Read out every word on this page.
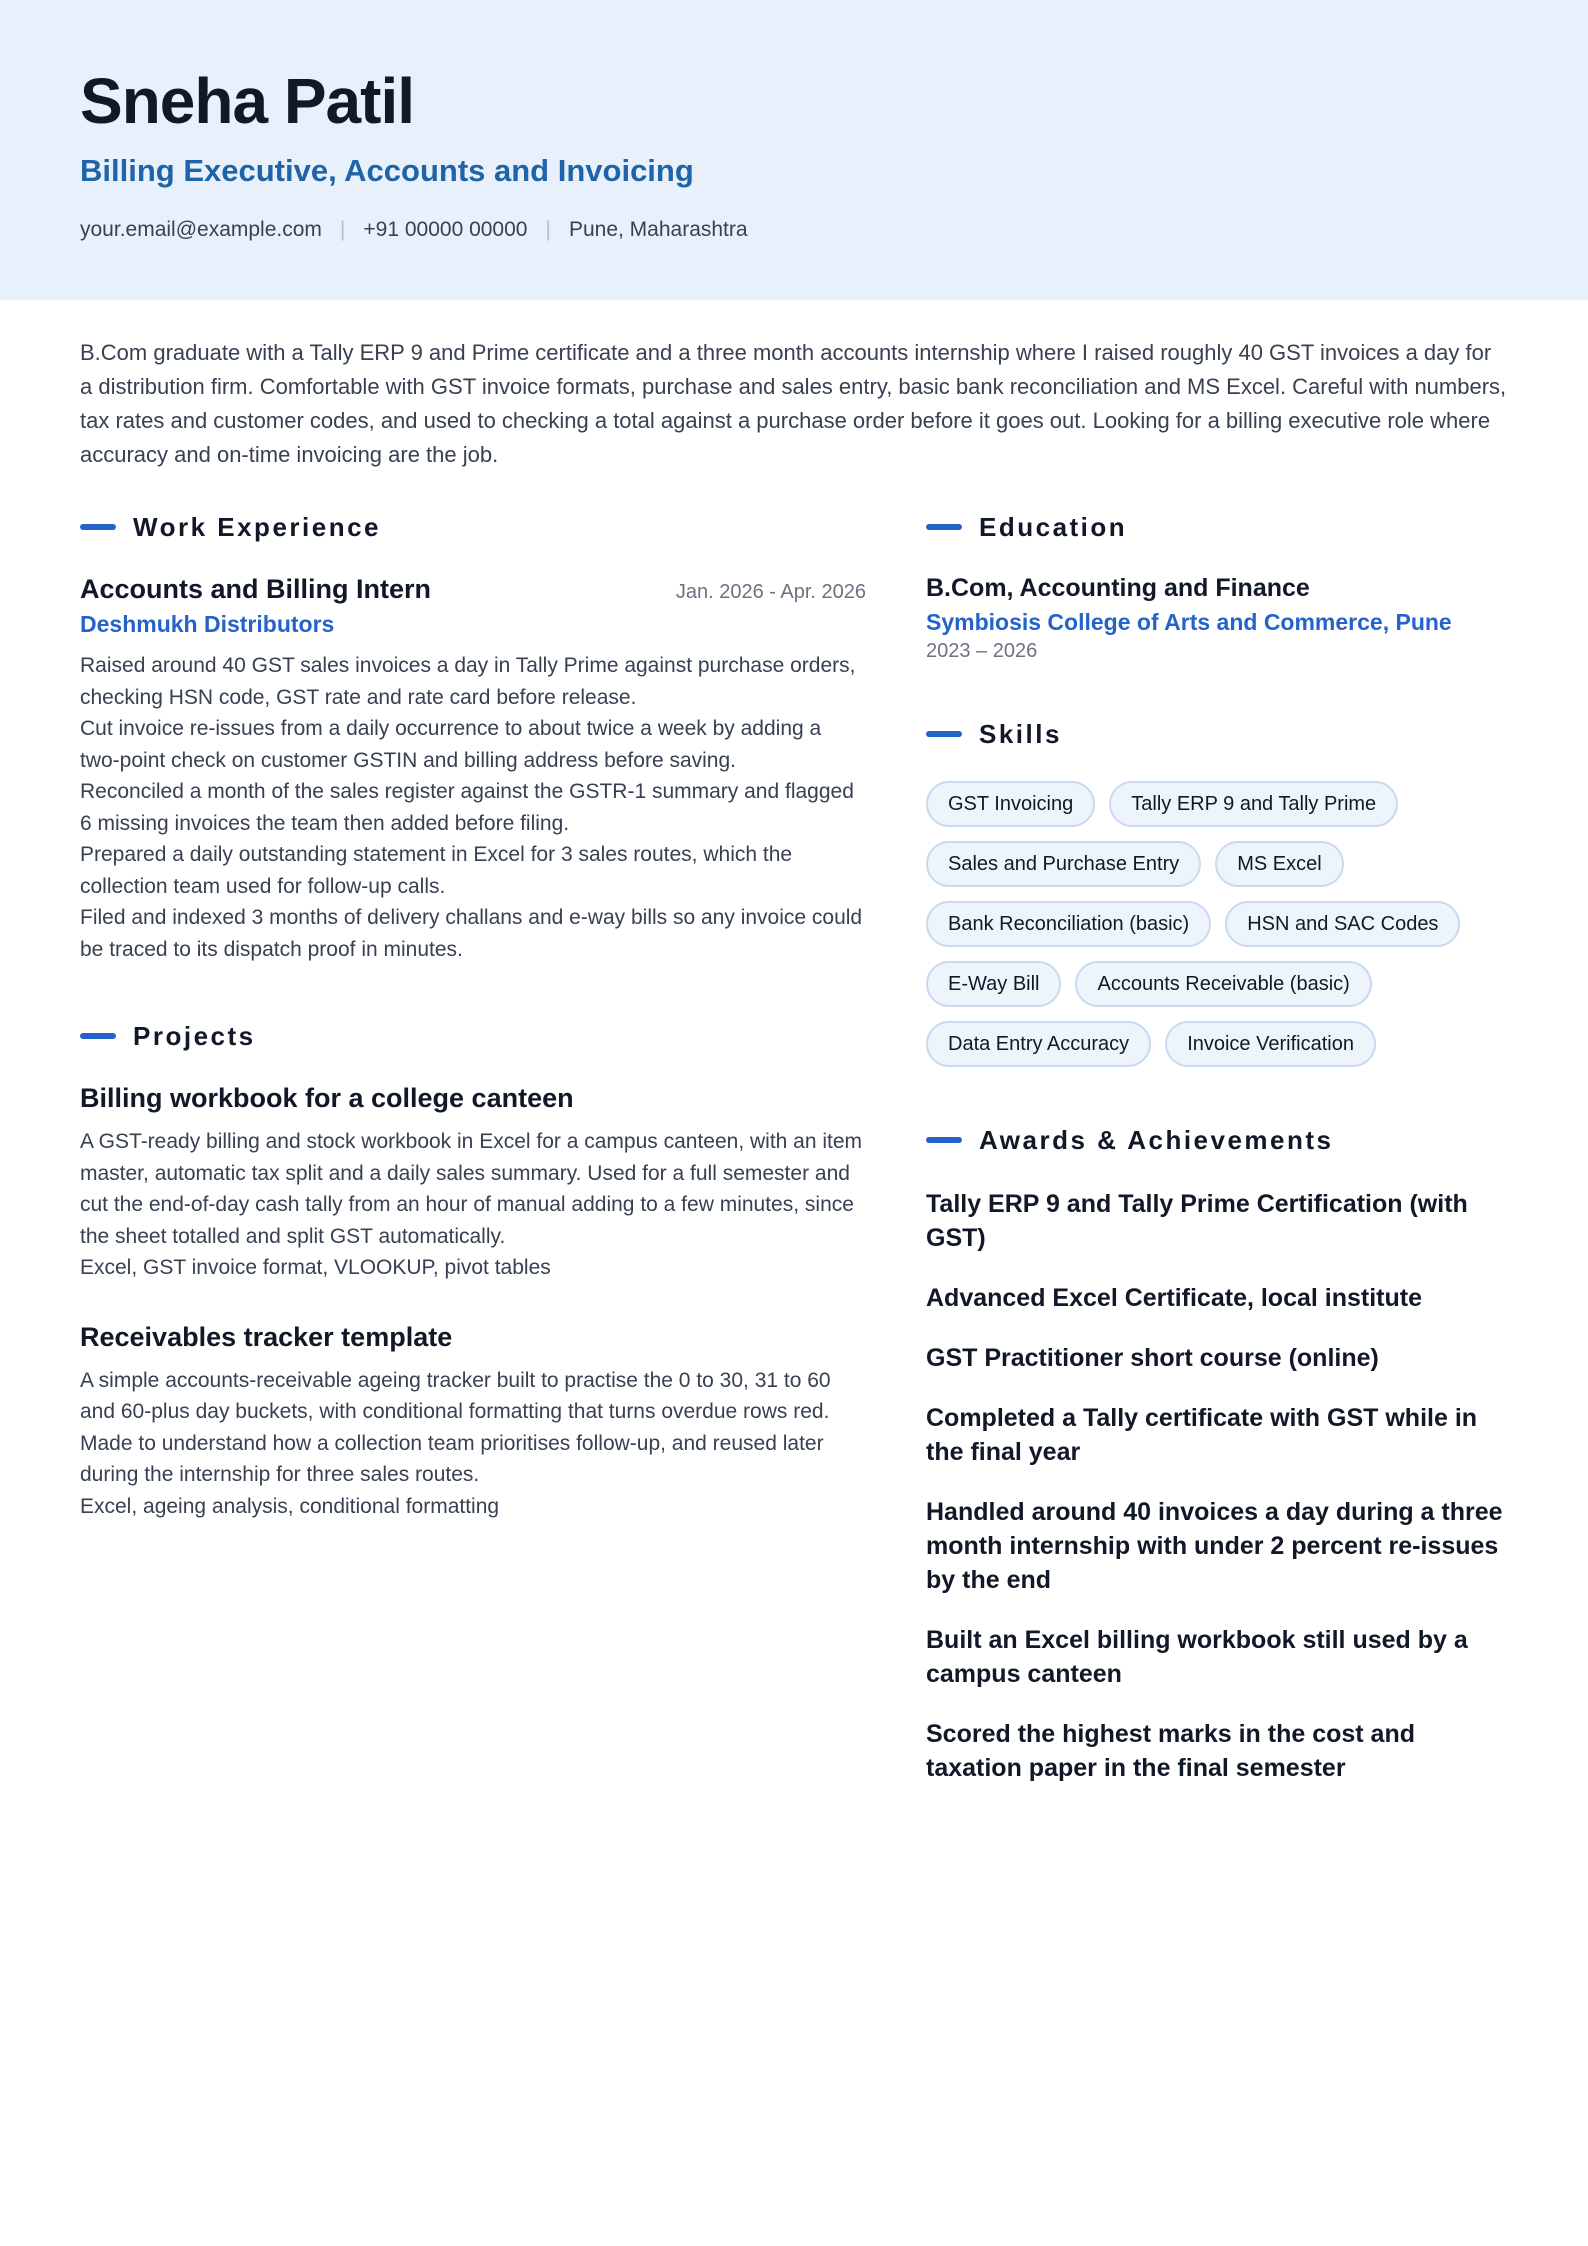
Sneha Patil
Billing Executive, Accounts and Invoicing
your.email@example.com | +91 00000 00000 | Pune, Maharashtra
B.Com graduate with a Tally ERP 9 and Prime certificate and a three month accounts internship where I raised roughly 40 GST invoices a day for a distribution firm. Comfortable with GST invoice formats, purchase and sales entry, basic bank reconciliation and MS Excel. Careful with numbers, tax rates and customer codes, and used to checking a total against a purchase order before it goes out. Looking for a billing executive role where accuracy and on-time invoicing are the job.
Work Experience
Accounts and Billing Intern	Jan. 2026 - Apr. 2026
Deshmukh Distributors
Raised around 40 GST sales invoices a day in Tally Prime against purchase orders, checking HSN code, GST rate and rate card before release.
Cut invoice re-issues from a daily occurrence to about twice a week by adding a two-point check on customer GSTIN and billing address before saving.
Reconciled a month of the sales register against the GSTR-1 summary and flagged 6 missing invoices the team then added before filing.
Prepared a daily outstanding statement in Excel for 3 sales routes, which the collection team used for follow-up calls.
Filed and indexed 3 months of delivery challans and e-way bills so any invoice could be traced to its dispatch proof in minutes.
Projects
Billing workbook for a college canteen
A GST-ready billing and stock workbook in Excel for a campus canteen, with an item master, automatic tax split and a daily sales summary. Used for a full semester and cut the end-of-day cash tally from an hour of manual adding to a few minutes, since the sheet totalled and split GST automatically.
Excel, GST invoice format, VLOOKUP, pivot tables
Receivables tracker template
A simple accounts-receivable ageing tracker built to practise the 0 to 30, 31 to 60 and 60-plus day buckets, with conditional formatting that turns overdue rows red. Made to understand how a collection team prioritises follow-up, and reused later during the internship for three sales routes.
Excel, ageing analysis, conditional formatting
Education
B.Com, Accounting and Finance
Symbiosis College of Arts and Commerce, Pune
2023 – 2026
Skills
GST Invoicing	Tally ERP 9 and Tally Prime
Sales and Purchase Entry	MS Excel
Bank Reconciliation (basic)	HSN and SAC Codes
E-Way Bill	Accounts Receivable (basic)
Data Entry Accuracy	Invoice Verification
Awards & Achievements
Tally ERP 9 and Tally Prime Certification (with GST)
Advanced Excel Certificate, local institute
GST Practitioner short course (online)
Completed a Tally certificate with GST while in the final year
Handled around 40 invoices a day during a three month internship with under 2 percent re-issues by the end
Built an Excel billing workbook still used by a campus canteen
Scored the highest marks in the cost and taxation paper in the final semester
